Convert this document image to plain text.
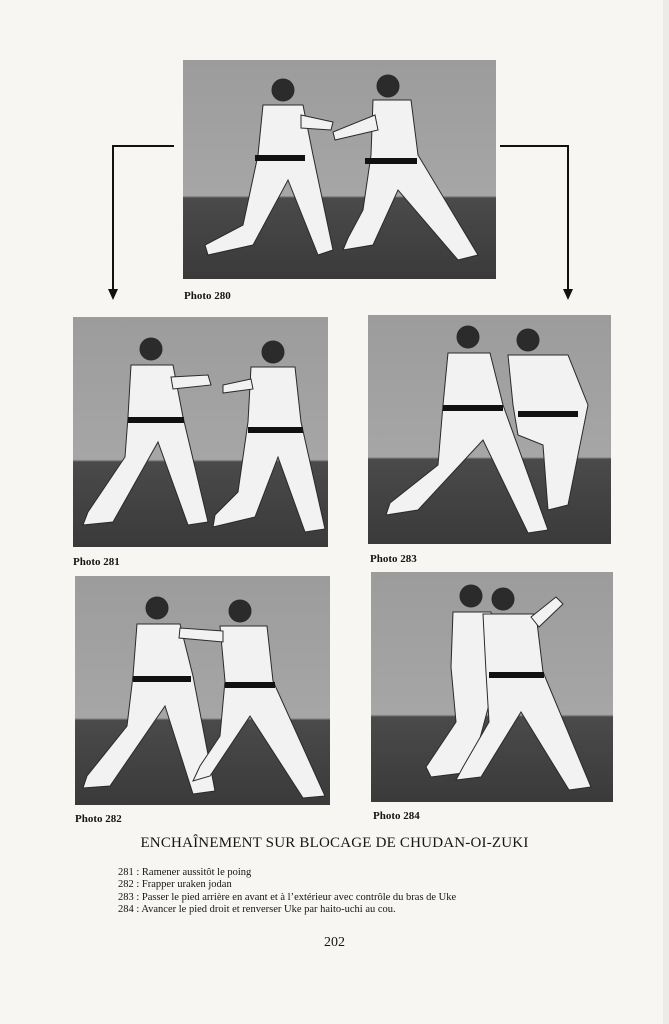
Photo 280
Photo 281	Photo 283
Photo 282	Photo 284
ENCHAÎNEMENT SUR BLOCAGE DE CHUDAN-OI-ZUKI
281 : Ramener aussitôt le poing
282 : Frapper uraken jodan
283 : Passer le pied arrière en avant et à l’extérieur avec contrôle du bras de Uke
284 : Avancer le pied droit et renverser Uke par haito-uchi au cou.
202
